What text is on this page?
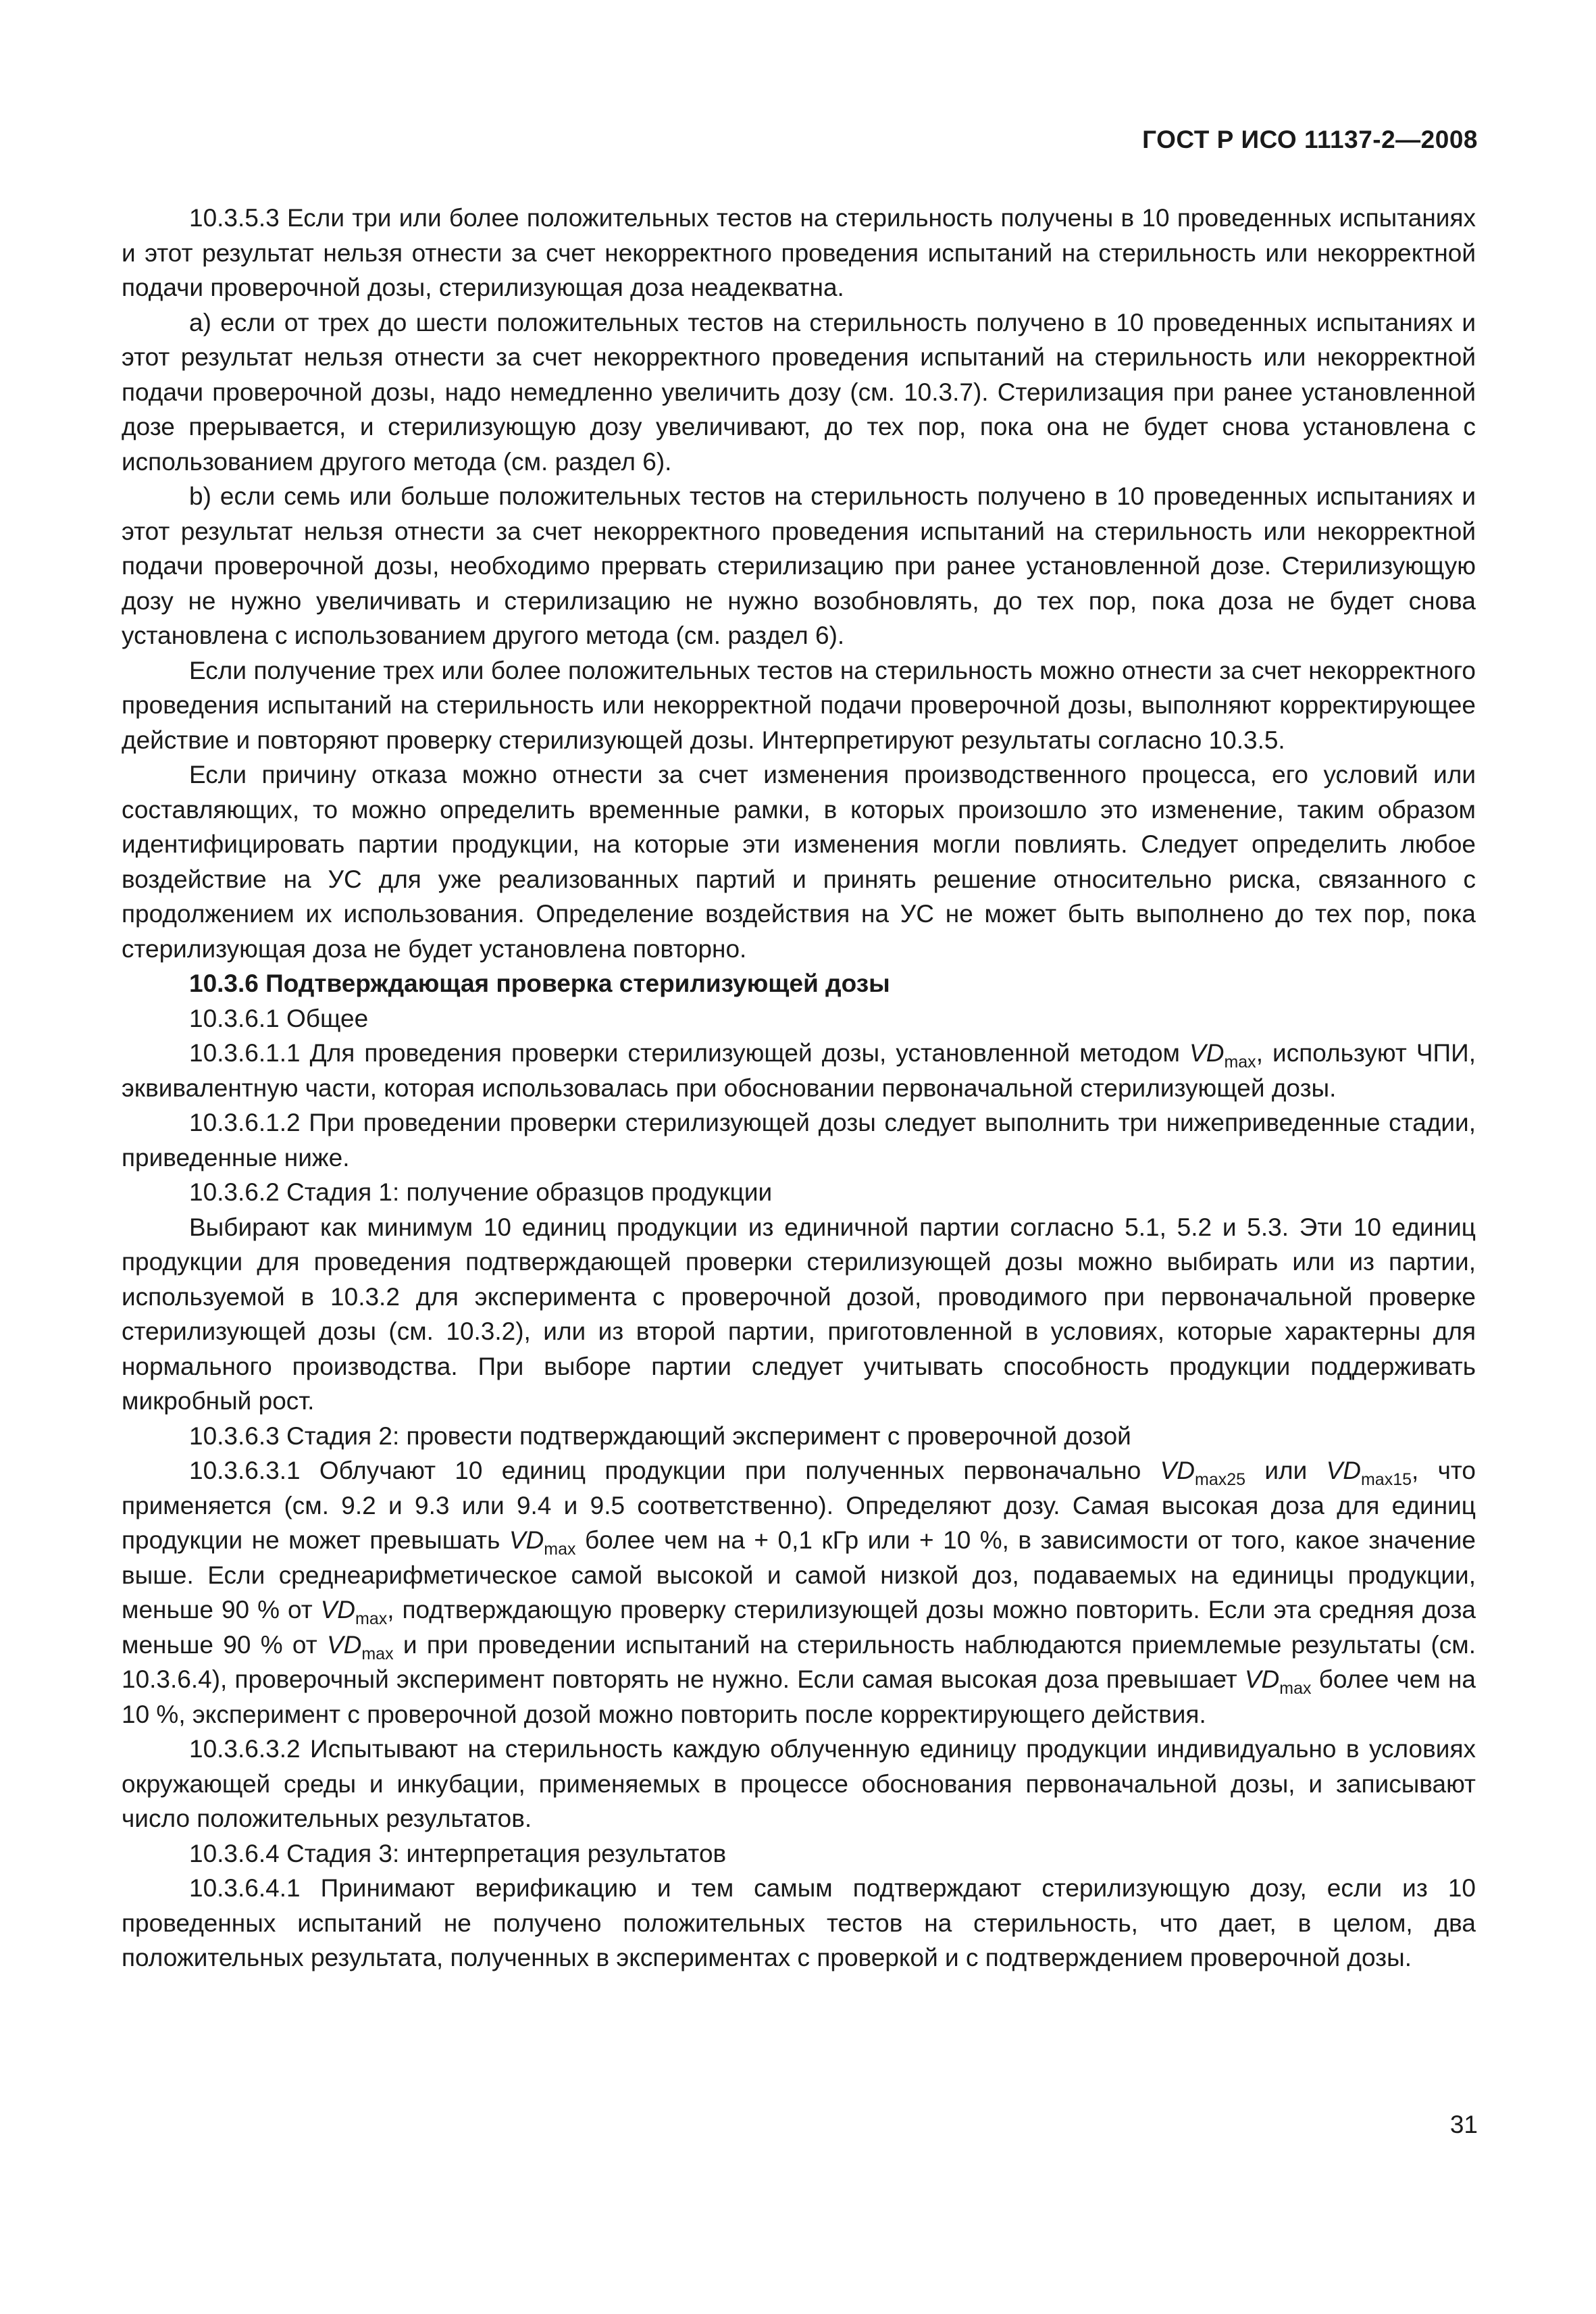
ГОСТ Р ИСО 11137-2—2008

10.3.5.3 Если три или более положительных тестов на стерильность получены в 10 проведенных испытаниях и этот результат нельзя отнести за счет некорректного проведения испытаний на стерильность или некорректной подачи проверочной дозы, стерилизующая доза неадекватна.

a) если от трех до шести положительных тестов на стерильность получено в 10 проведенных испытаниях и этот результат нельзя отнести за счет некорректного проведения испытаний на стерильность или некорректной подачи проверочной дозы, надо немедленно увеличить дозу (см. 10.3.7). Стерилизация при ранее установленной дозе прерывается, и стерилизующую дозу увеличивают, до тех пор, пока она не будет снова установлена с использованием другого метода (см. раздел 6).

b) если семь или больше положительных тестов на стерильность получено в 10 проведенных испытаниях и этот результат нельзя отнести за счет некорректного проведения испытаний на стерильность или некорректной подачи проверочной дозы, необходимо прервать стерилизацию при ранее установленной дозе. Стерилизующую дозу не нужно увеличивать и стерилизацию не нужно возобновлять, до тех пор, пока доза не будет снова установлена с использованием другого метода (см. раздел 6).

Если получение трех или более положительных тестов на стерильность можно отнести за счет некорректного проведения испытаний на стерильность или некорректной подачи проверочной дозы, выполняют корректирующее действие и повторяют проверку стерилизующей дозы. Интерпретируют результаты согласно 10.3.5.

Если причину отказа можно отнести за счет изменения производственного процесса, его условий или составляющих, то можно определить временные рамки, в которых произошло это изменение, таким образом идентифицировать партии продукции, на которые эти изменения могли повлиять. Следует определить любое воздействие на УС для уже реализованных партий и принять решение относительно риска, связанного с продолжением их использования. Определение воздействия на УС не может быть выполнено до тех пор, пока стерилизующая доза не будет установлена повторно.

10.3.6 Подтверждающая проверка стерилизующей дозы

10.3.6.1 Общее

10.3.6.1.1 Для проведения проверки стерилизующей дозы, установленной методом $VD_{max}$, используют ЧПИ, эквивалентную части, которая использовалась при обосновании первоначальной стерилизующей дозы.

10.3.6.1.2 При проведении проверки стерилизующей дозы следует выполнить три нижеприведенные стадии, приведенные ниже.

10.3.6.2 Стадия 1: получение образцов продукции

Выбирают как минимум 10 единиц продукции из единичной партии согласно 5.1, 5.2 и 5.3. Эти 10 единиц продукции для проведения подтверждающей проверки стерилизующей дозы можно выбирать или из партии, используемой в 10.3.2 для эксперимента с проверочной дозой, проводимого при первоначальной проверке стерилизующей дозы (см. 10.3.2), или из второй партии, приготовленной в условиях, которые характерны для нормального производства. При выборе партии следует учитывать способность продукции поддерживать микробный рост.

10.3.6.3 Стадия 2: провести подтверждающий эксперимент с проверочной дозой

10.3.6.3.1 Облучают 10 единиц продукции при полученных первоначально $VD_{max25}$ или $VD_{max15}$, что применяется (см. 9.2 и 9.3 или 9.4 и 9.5 соответственно). Определяют дозу. Самая высокая доза для единиц продукции не может превышать $VD_{max}$ более чем на + 0,1 кГр или + 10 %, в зависимости от того, какое значение выше. Если среднеарифметическое самой высокой и самой низкой доз, подаваемых на единицы продукции, меньше 90 % от $VD_{max}$, подтверждающую проверку стерилизующей дозы можно повторить. Если эта средняя доза меньше 90 % от $VD_{max}$ и при проведении испытаний на стерильность наблюдаются приемлемые результаты (см. 10.3.6.4), проверочный эксперимент повторять не нужно. Если самая высокая доза превышает $VD_{max}$ более чем на 10 %, эксперимент с проверочной дозой можно повторить после корректирующего действия.

10.3.6.3.2 Испытывают на стерильность каждую облученную единицу продукции индивидуально в условиях окружающей среды и инкубации, применяемых в процессе обоснования первоначальной дозы, и записывают число положительных результатов.

10.3.6.4 Стадия 3: интерпретация результатов

10.3.6.4.1 Принимают верификацию и тем самым подтверждают стерилизующую дозу, если из 10 проведенных испытаний не получено положительных тестов на стерильность, что дает, в целом, два положительных результата, полученных в экспериментах с проверкой и с подтверждением проверочной дозы.

31
